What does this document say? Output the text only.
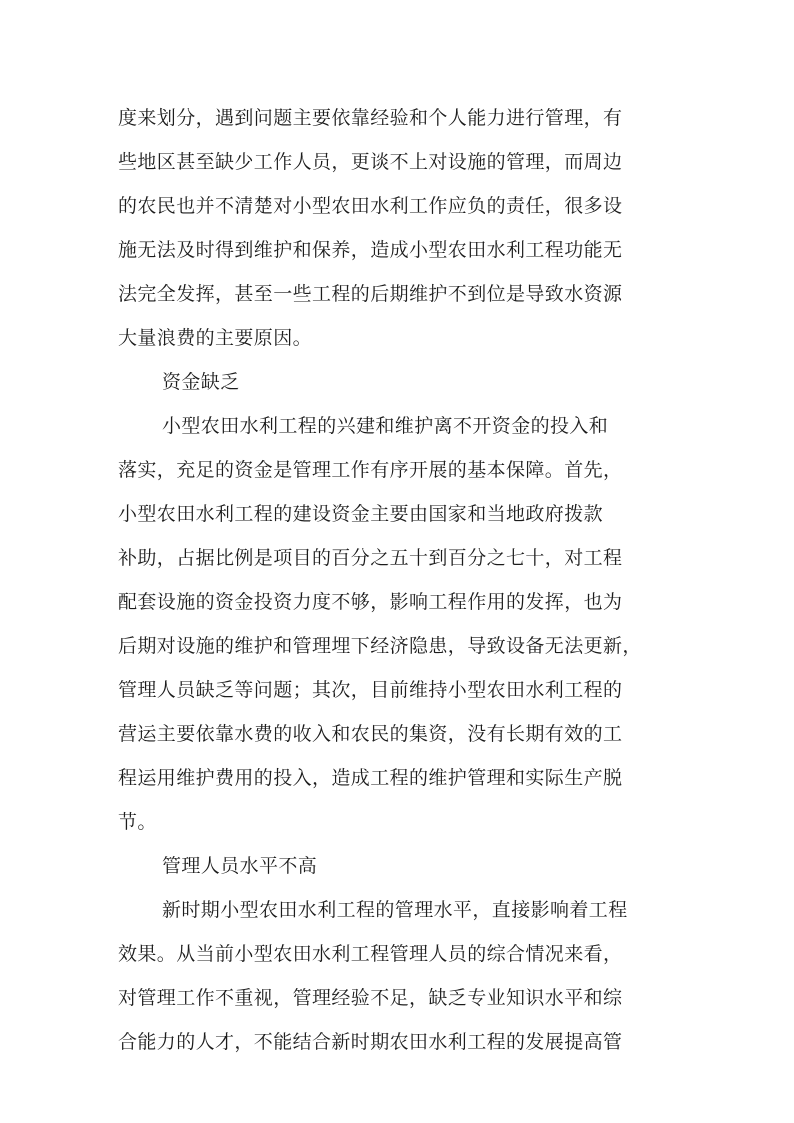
度来划分，遇到问题主要依靠经验和个人能力进行管理，有
些地区甚至缺少工作人员，更谈不上对设施的管理，而周边
的农民也并不清楚对小型农田水利工作应负的责任，很多设
施无法及时得到维护和保养，造成小型农田水利工程功能无
法完全发挥，甚至一些工程的后期维护不到位是导致水资源
大量浪费的主要原因。
资金缺乏
小型农田水利工程的兴建和维护离不开资金的投入和
落实，充足的资金是管理工作有序开展的基本保障。首先，
小型农田水利工程的建设资金主要由国家和当地政府拨款
补助，占据比例是项目的百分之五十到百分之七十，对工程
配套设施的资金投资力度不够，影响工程作用的发挥，也为
后期对设施的维护和管理埋下经济隐患，导致设备无法更新，
管理人员缺乏等问题；其次，目前维持小型农田水利工程的
营运主要依靠水费的收入和农民的集资，没有长期有效的工
程运用维护费用的投入，造成工程的维护管理和实际生产脱
节。
管理人员水平不高
新时期小型农田水利工程的管理水平，直接影响着工程
效果。从当前小型农田水利工程管理人员的综合情况来看，
对管理工作不重视，管理经验不足，缺乏专业知识水平和综
合能力的人才，不能结合新时期农田水利工程的发展提高管
